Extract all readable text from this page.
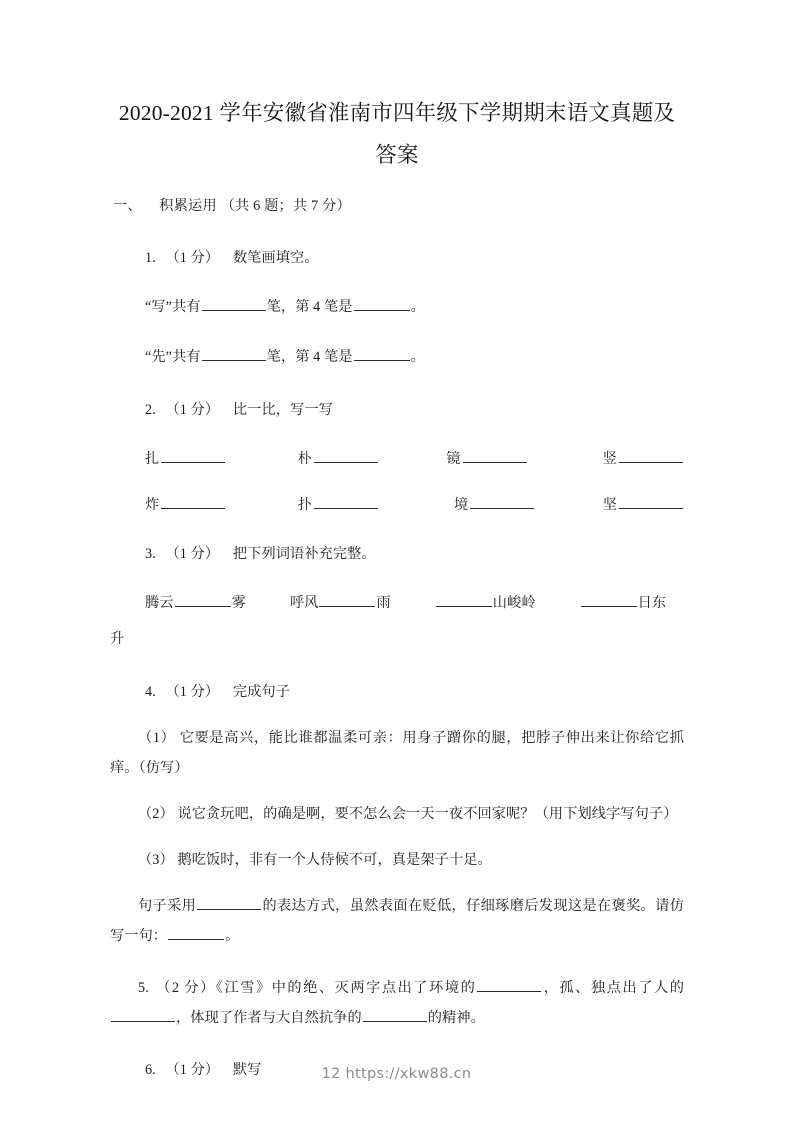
2020-2021 学年安徽省淮南市四年级下学期期末语文真题及答案
一、 积累运用 （共 6 题；共 7 分）
1. （1 分） 数笔画填空。
“写”共有	笔，第 4 笔是	。
“先”共有	笔，第 4 笔是	。
2. （1 分） 比一比，写一写
扎	朴	镜	竖
炸	扑	境	坚
3. （1 分） 把下列词语补充完整。
腾云	雾	呼风	雨	山峻岭	日东
升
4. （1 分） 完成句子
（1） 它要是高兴，能比谁都温柔可亲：用身子蹭你的腿，把脖子伸出来让你给它抓痒。（仿写）
（2） 说它贪玩吧，的确是啊，要不怎么会一天一夜不回家呢？（用下划线字写句子）
（3） 鹅吃饭时，非有一个人侍候不可，真是架子十足。
句子采用	的表达方式，虽然表面在贬低，仔细琢磨后发现这是在褒奖。请仿写一句：	。
5. （2 分）《江雪》中的绝、灭两字点出了环境的	，孤、独点出了人的，体现了作者与大自然抗争的	的精神。
6. （1 分） 默写	12 https://xkw88.cn
